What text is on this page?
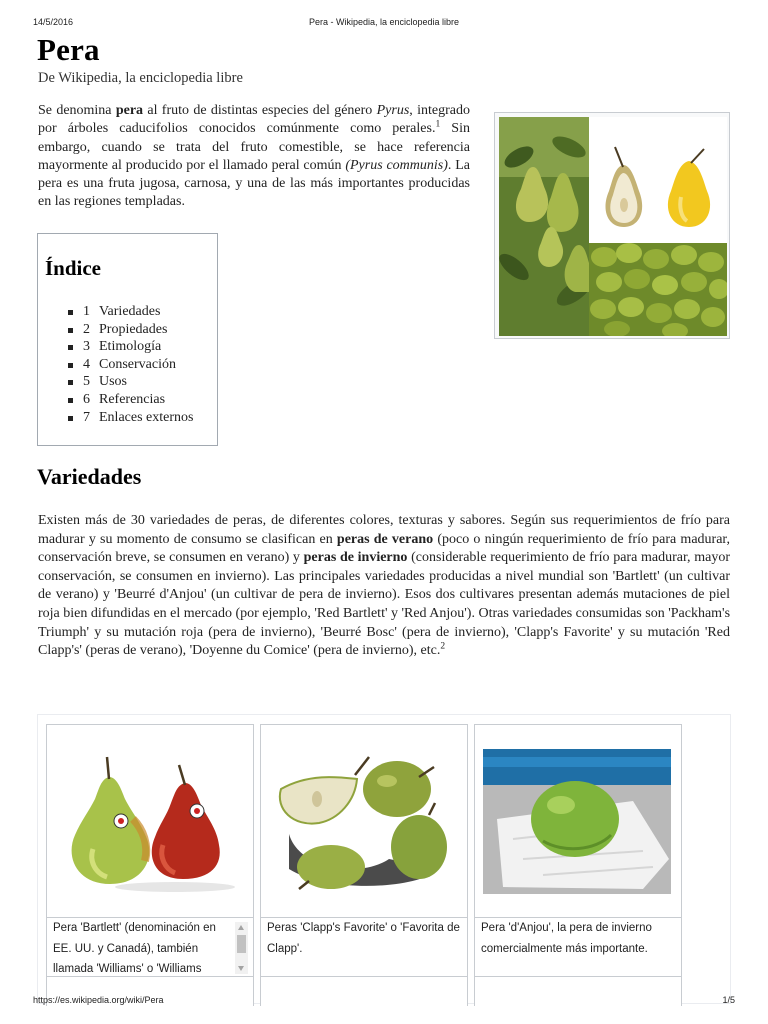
14/5/2016	Pera - Wikipedia, la enciclopedia libre
Pera
De Wikipedia, la enciclopedia libre

Se denomina pera al fruto de distintas especies del género Pyrus, integrado por árboles caducifolios conocidos comúnmente como perales.$^1$ Sin embargo, cuando se trata del fruto comestible, se hace referencia mayormente al producido por el llamado peral común (Pyrus communis). La pera es una fruta jugosa, carnosa, y una de las más importantes producidas en las regiones templadas.

Índice
1 Variedades
2 Propiedades
3 Etimología
4 Conservación
5 Usos
6 Referencias
7 Enlaces externos
Variedades

Existen más de 30 variedades de peras, de diferentes colores, texturas y sabores. Según sus requerimientos de frío para madurar y su momento de consumo se clasifican en peras de verano (poco o ningún requerimiento de frío para madurar, conservación breve, se consumen en verano) y peras de invierno (considerable requerimiento de frío para madurar, mayor conservación, se consumen en invierno). Las principales variedades producidas a nivel mundial son 'Bartlett' (un cultivar de verano) y 'Beurré d'Anjou' (un cultivar de pera de invierno). Esos dos cultivares presentan además mutaciones de piel roja bien difundidas en el mercado (por ejemplo, 'Red Bartlett' y 'Red Anjou'). Otras variedades consumidas son 'Packham's Triumph' y su mutación roja (pera de invierno), 'Beurré Bosc' (pera de invierno), 'Clapp's Favorite' y su mutación 'Red Clapp's' (peras de verano), 'Doyenne du Comice' (pera de invierno), etc.$^2$

Pera 'Bartlett' (denominación en EE. UU. y Canadá), también llamada 'Williams' o 'Williams
Peras 'Clapp's Favorite' o 'Favorita de Clapp'.
Pera 'd'Anjou', la pera de invierno comercialmente más importante.
https://es.wikipedia.org/wiki/Pera	1/5
